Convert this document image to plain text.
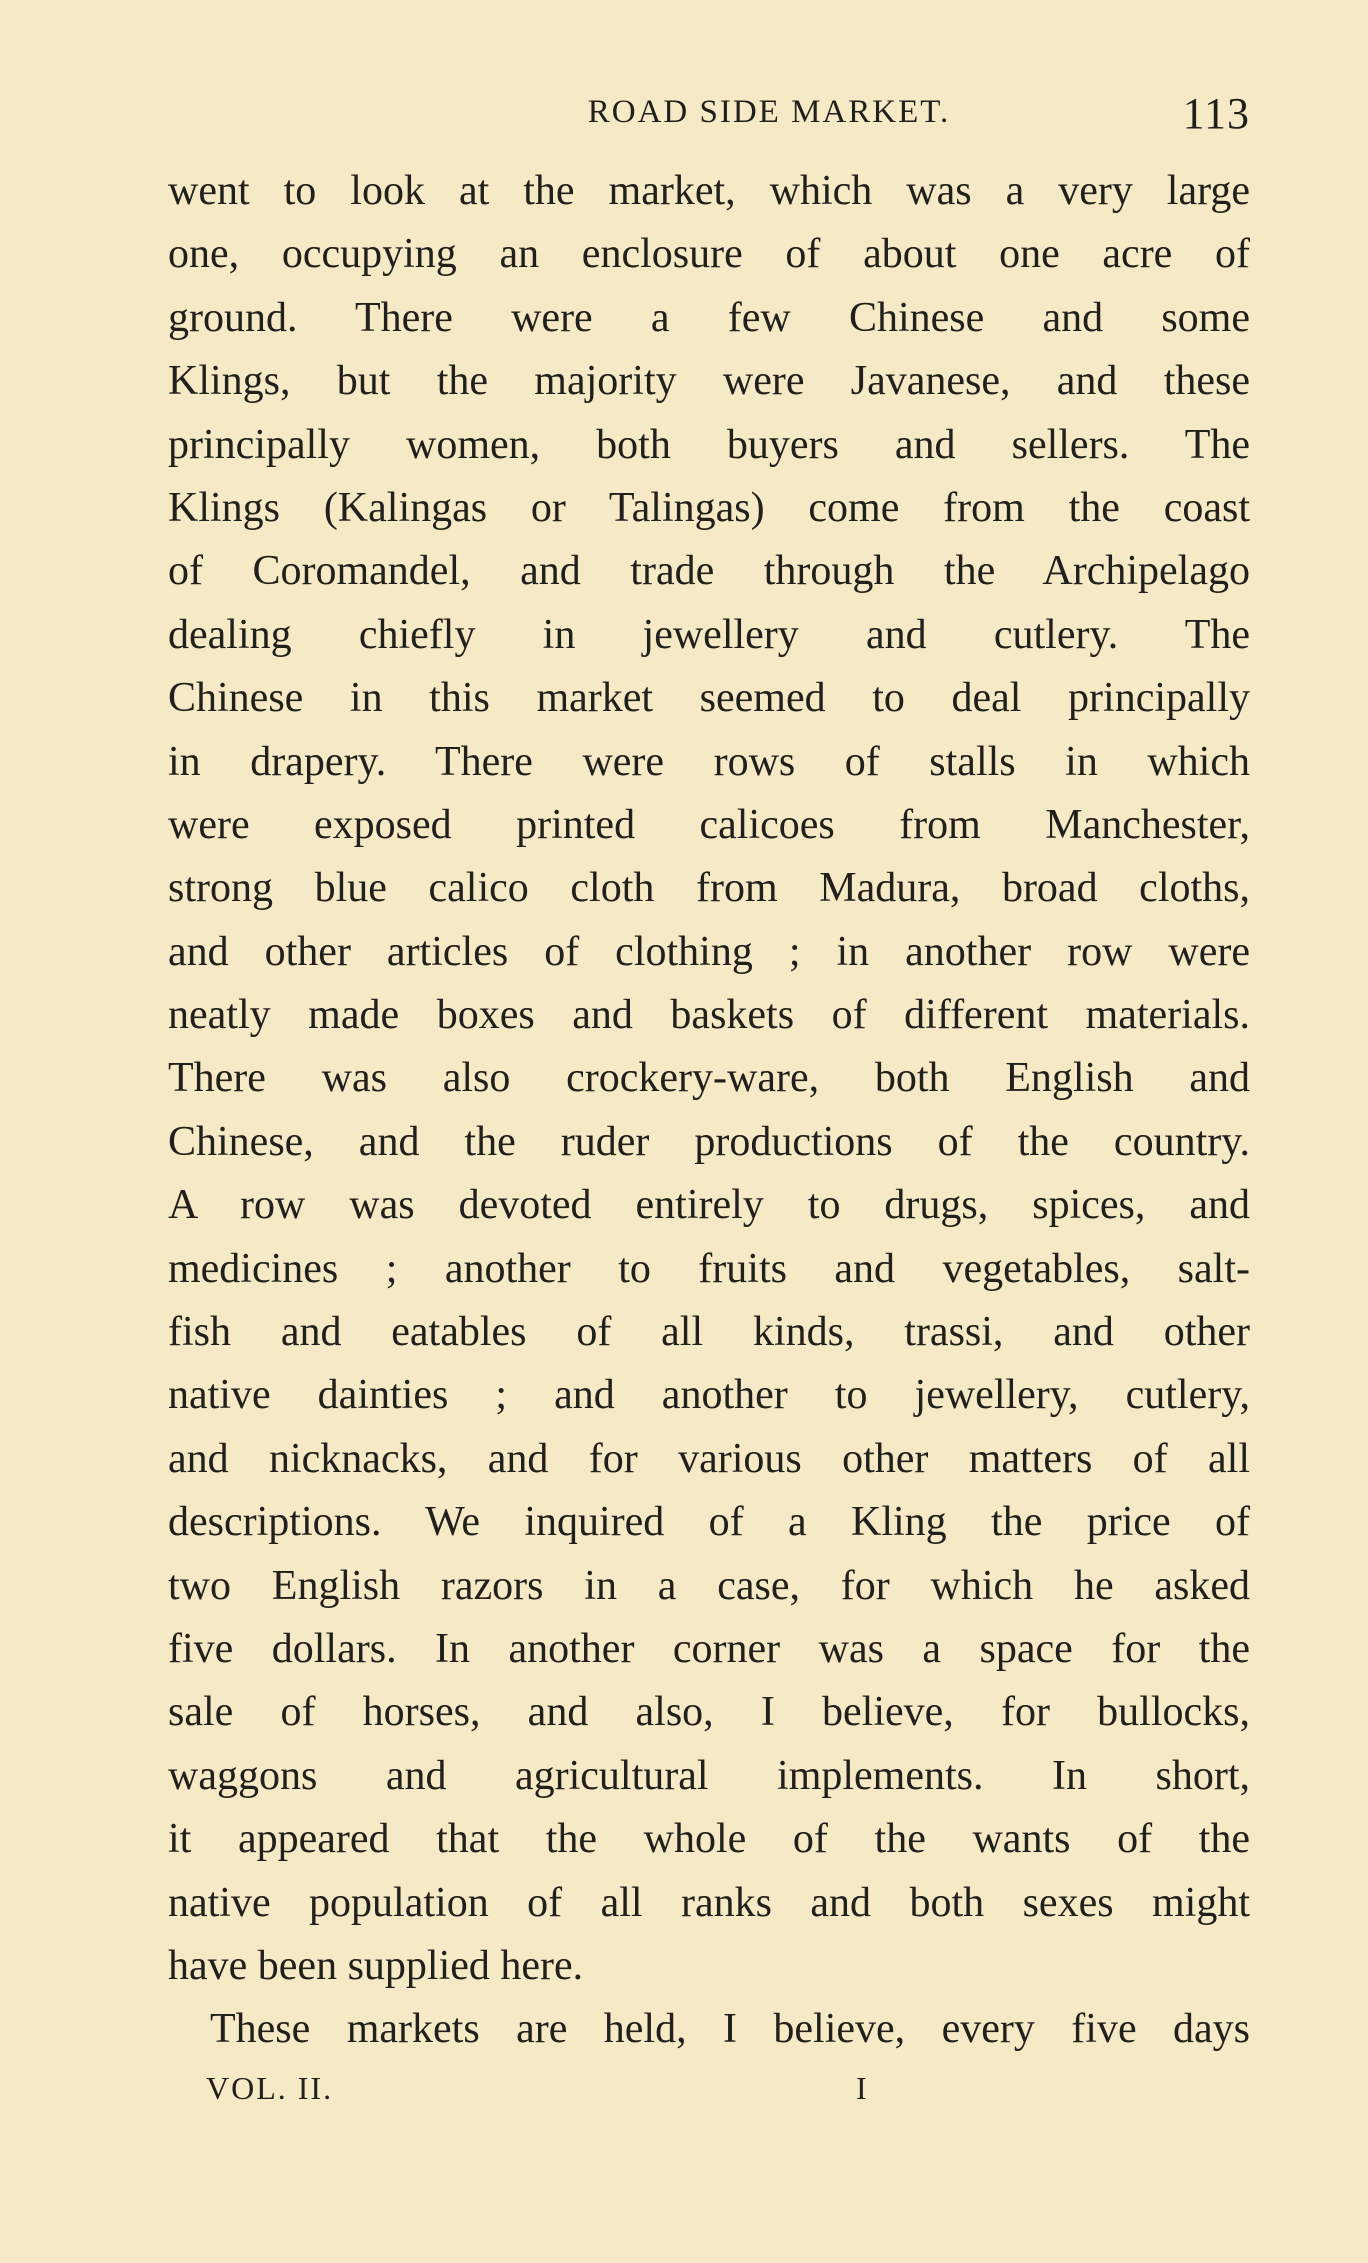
ROAD SIDE MARKET.	113
went to look at the market, which was a very large
one, occupying an enclosure of about one acre of
ground. There were a few Chinese and some
Klings, but the majority were Javanese, and these
principally women, both buyers and sellers. The
Klings (Kalingas or Talingas) come from the coast
of Coromandel, and trade through the Archipelago
dealing chiefly in jewellery and cutlery. The
Chinese in this market seemed to deal principally
in drapery. There were rows of stalls in which
were exposed printed calicoes from Manchester,
strong blue calico cloth from Madura, broad cloths,
and other articles of clothing ; in another row were
neatly made boxes and baskets of different materials.
There was also crockery-ware, both English and
Chinese, and the ruder productions of the country.
A row was devoted entirely to drugs, spices, and
medicines ; another to fruits and vegetables, salt-
fish and eatables of all kinds, trassi, and other
native dainties ; and another to jewellery, cutlery,
and nicknacks, and for various other matters of all
descriptions. We inquired of a Kling the price of
two English razors in a case, for which he asked
five dollars. In another corner was a space for the
sale of horses, and also, I believe, for bullocks,
waggons and agricultural implements. In short,
it appeared that the whole of the wants of the
native population of all ranks and both sexes might
have been supplied here.
These markets are held, I believe, every five days
VOL. II.	I
